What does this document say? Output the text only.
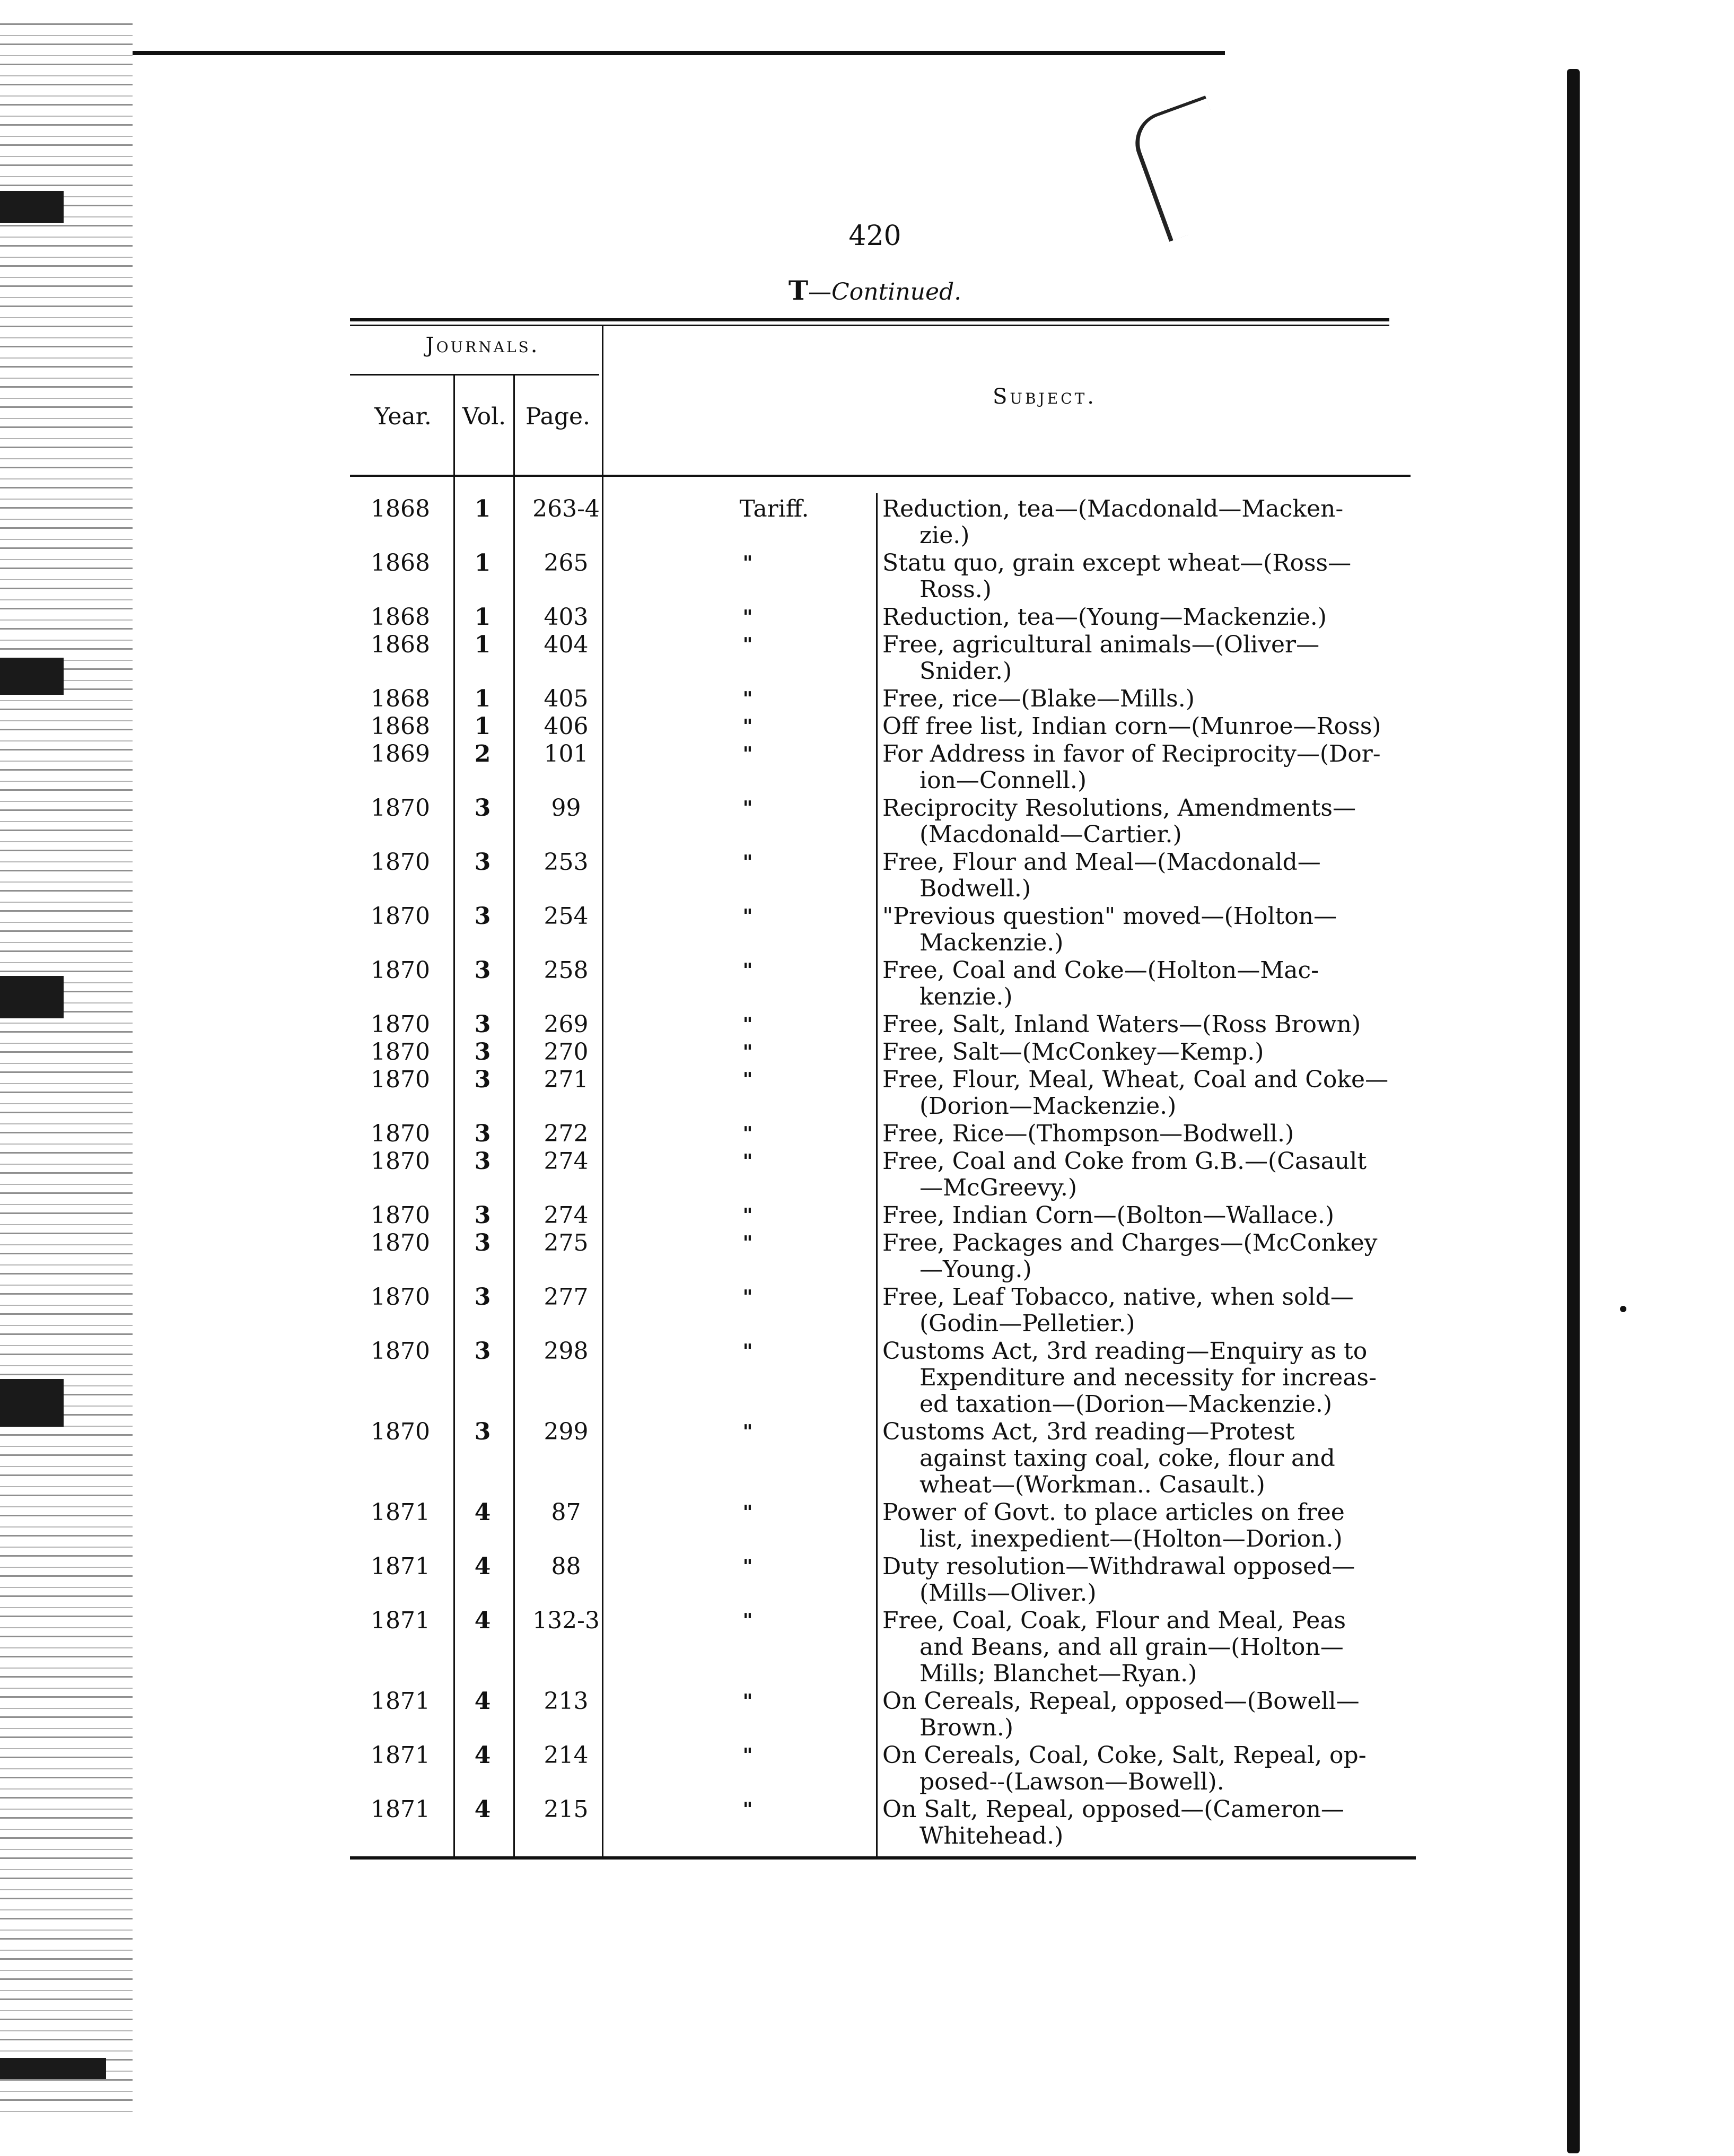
420
T—Continued.
Journals.
Year.	Vol. Page.
Subject.
1868	1	263-4	Tariff.	Reduction, tea—(Macdonald—Macken-
zie.)
1868	1	265	"	Statu quo, grain except wheat—(Ross—
Ross.)
1868	1	403	"	Reduction, tea—(Young—Mackenzie.)
1868	1	404	"	Free, agricultural animals—(Oliver—
Snider.)
1868	1	405	"	Free, rice—(Blake—Mills.)
1868	1	406	"	Off free list, Indian corn—(Munroe—Ross)
1869	2	101	"	For Address in favor of Reciprocity—(Dor-
ion—Connell.)
1870	3	99	"	Reciprocity Resolutions, Amendments—
(Macdonald—Cartier.)
1870	3	253	"	Free, Flour and Meal—(Macdonald—
Bodwell.)
1870	3	254	"	"Previous question" moved—(Holton—
Mackenzie.)
1870	3	258	"	Free, Coal and Coke—(Holton—Mac-
kenzie.)
1870	3	269	"	Free, Salt, Inland Waters—(Ross Brown)
1870	3	270	"	Free, Salt—(McConkey—Kemp.)
1870	3	271	"	Free, Flour, Meal, Wheat, Coal and Coke—
(Dorion—Mackenzie.)
1870	3	272	"	Free, Rice—(Thompson—Bodwell.)
1870	3	274	"	Free, Coal and Coke from G.B.—(Casault
—McGreevy.)
1870	3	274	"	Free, Indian Corn—(Bolton—Wallace.)
1870	3	275	"	Free, Packages and Charges—(McConkey
—Young.)
1870	3	277	"	Free, Leaf Tobacco, native, when sold—
(Godin—Pelletier.)
1870	3	298	"	Customs Act, 3rd reading—Enquiry as to
Expenditure and necessity for increas-
ed taxation—(Dorion—Mackenzie.)
1870	3	299	"	Customs Act, 3rd reading—Protest
against taxing coal, coke, flour and
wheat—(Workman.. Casault.)
1871	4	87	"	Power of Govt. to place articles on free
list, inexpedient—(Holton—Dorion.)
1871	4	88	"	Duty resolution—Withdrawal opposed—
(Mills—Oliver.)
1871	4	132-3	"	Free, Coal, Coak, Flour and Meal, Peas
and Beans, and all grain—(Holton—
Mills; Blanchet—Ryan.)
1871	4	213	"	On Cereals, Repeal, opposed—(Bowell—
Brown.)
1871	4	214	"	On Cereals, Coal, Coke, Salt, Repeal, op-
posed--(Lawson—Bowell).
1871	4	215	"	On Salt, Repeal, opposed—(Cameron—
Whitehead.)
